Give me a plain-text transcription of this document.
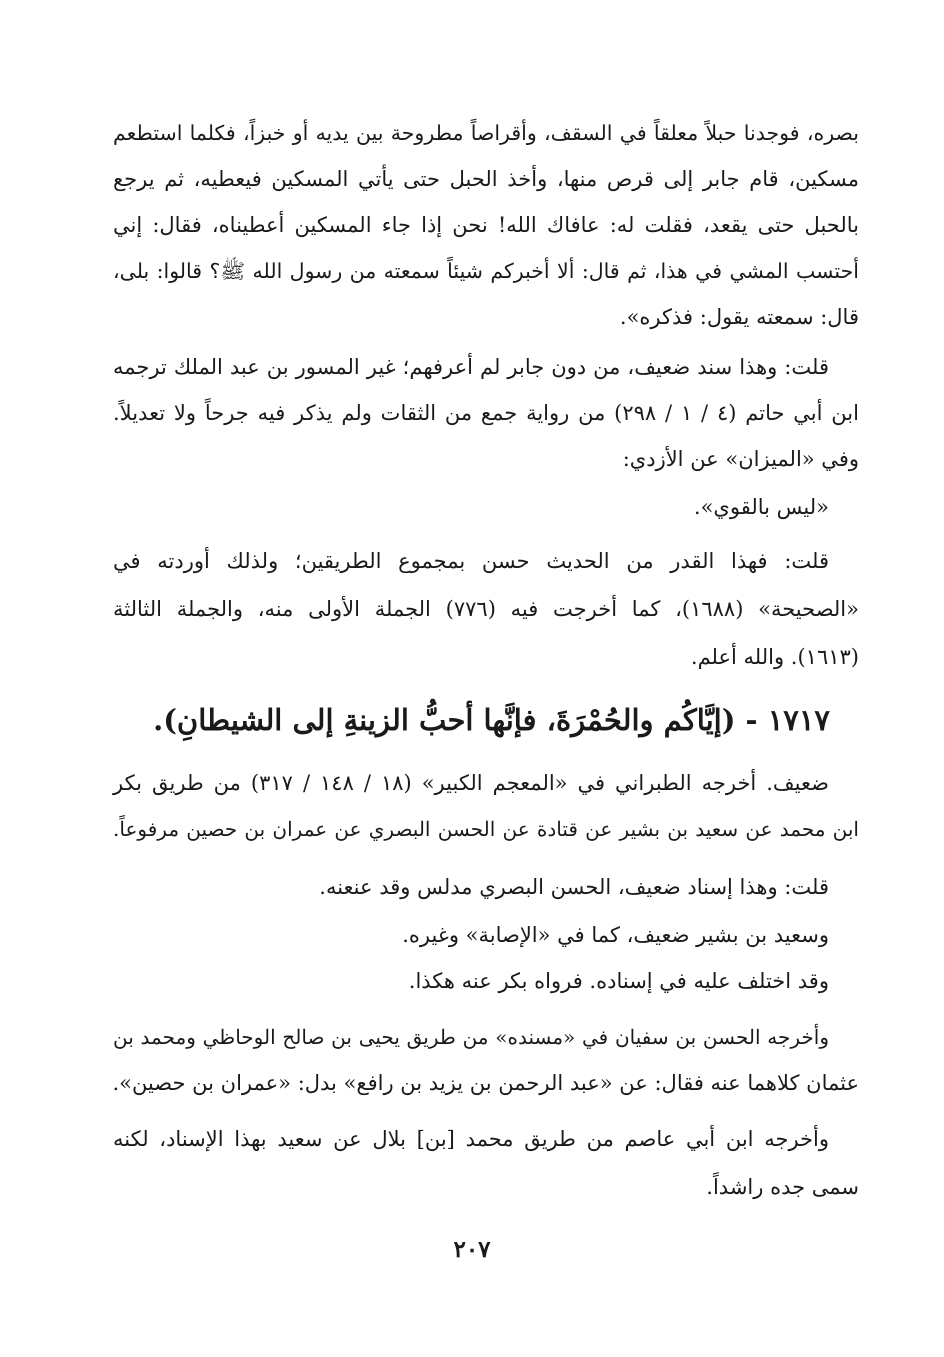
بصره، فوجدنا حبلاً معلقاً في السقف، وأقراصاً مطروحة بين يديه أو خبزاً، فكلما استطعم
مسكين، قام جابر إلى قرص منها، وأخذ الحبل حتى يأتي المسكين فيعطيه، ثم يرجع
بالحبل حتى يقعد، فقلت له: عافاك الله! نحن إذا جاء المسكين أعطيناه، فقال: إني
أحتسب المشي في هذا، ثم قال: ألا أخبركم شيئاً سمعته من رسول الله ﷺ؟ قالوا: بلى،
قال: سمعته يقول: فذكره».
قلت: وهذا سند ضعيف، من دون جابر لم أعرفهم؛ غير المسور بن عبد الملك ترجمه
ابن أبي حاتم (٤ / ١ / ٢٩٨) من رواية جمع من الثقات ولم يذكر فيه جرحاً ولا تعديلاً.
وفي «الميزان» عن الأزدي:
«ليس بالقوي».
قلت: فهذا القدر من الحديث حسن بمجموع الطريقين؛ ولذلك أوردته في
«الصحيحة» (١٦٨٨)، كما أخرجت فيه (٧٧٦) الجملة الأولى منه، والجملة الثالثة
(١٦١٣). والله أعلم.
١٧١٧ - (إيَّاكُم والحُمْرَةَ، فإنَّها أحبُّ الزينةِ إلى الشيطانِ).
ضعيف. أخرجه الطبراني في «المعجم الكبير» (١٨ / ١٤٨ / ٣١٧) من طريق بكر
ابن محمد عن سعيد بن بشير عن قتادة عن الحسن البصري عن عمران بن حصين مرفوعاً.
قلت: وهذا إسناد ضعيف، الحسن البصري مدلس وقد عنعنه.
وسعيد بن بشير ضعيف، كما في «الإصابة» وغيره.
وقد اختلف عليه في إسناده. فرواه بكر عنه هكذا.
وأخرجه الحسن بن سفيان في «مسنده» من طريق يحيى بن صالح الوحاظي ومحمد بن
عثمان كلاهما عنه فقال: عن «عبد الرحمن بن يزيد بن رافع» بدل: «عمران بن حصين».
وأخرجه ابن أبي عاصم من طريق محمد [بن] بلال عن سعيد بهذا الإسناد، لكنه
سمى جده راشداً.
٢٠٧
